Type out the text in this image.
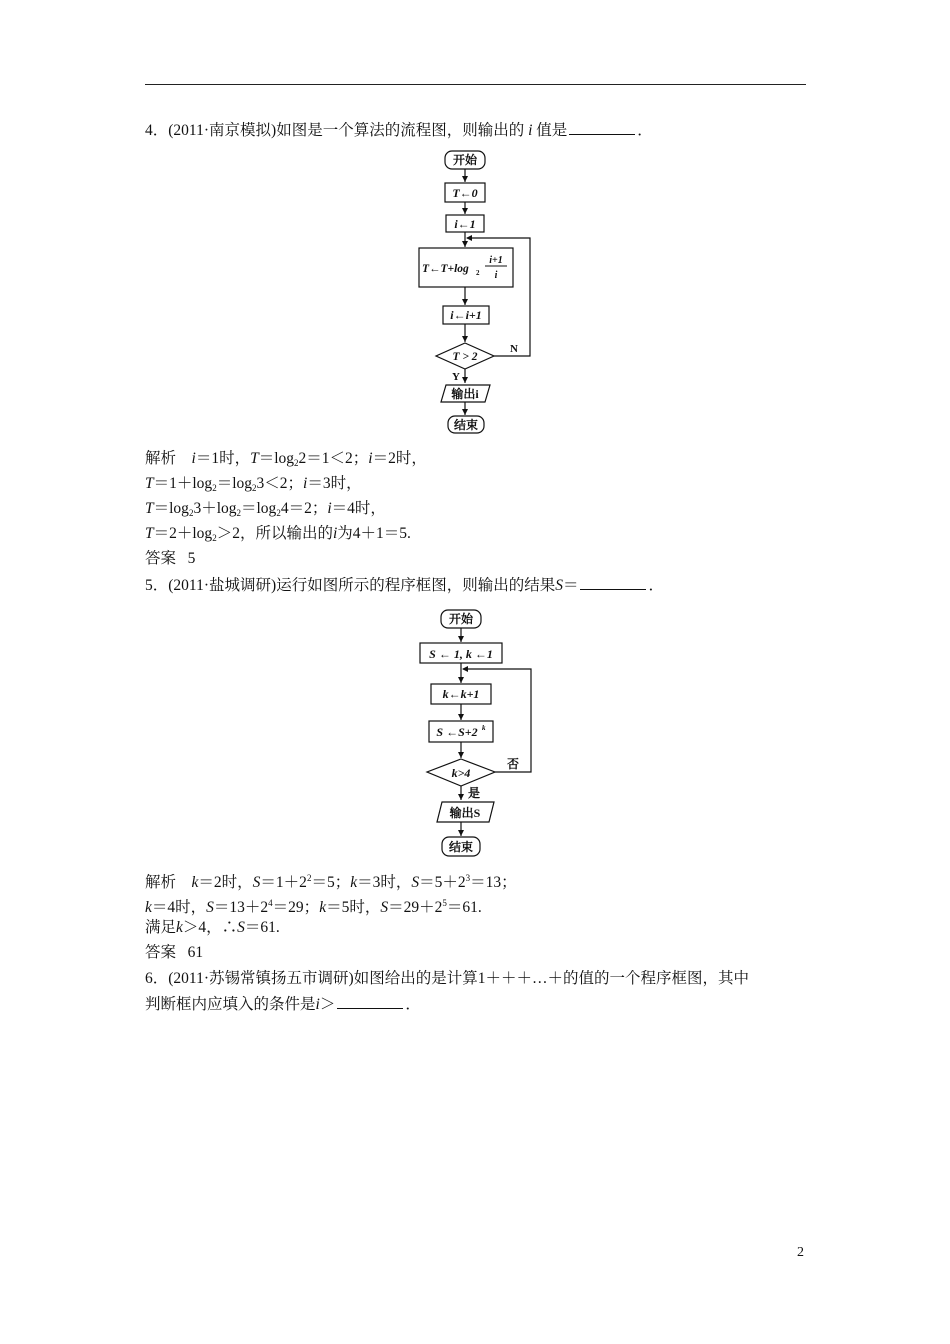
4．(2011·南京模拟)如图是一个算法的流程图，则输出的 i 值是	．
开始
T←0
i←1
T←T+log 2
i+1
i
i←i+1
T > 2
Y
N
输出i
结束
解析 i＝1时，$T=\log_22=1<2$；i＝2时，
$T=1+\log_2=\log_23<2$；i＝3时，
$T=\log_23+\log_2=\log_24=2$；i＝4时，
$T=2+\log_2>2$，所以输出的i为4＋1＝5.
答案 5
5．(2011·盐城调研)运行如图所示的程序框图，则输出的结果S＝	．
开始
S ← 1, k ←1
k←k+1
S ←S+2 k
k>4
是
否
输出S
结束
解析 k＝2时，$S=1+2^2=5$；k＝3时，$S=5+2^3=13$；
k＝4时，$S=13+2^4=29$；k＝5时，$S=29+2^5=61$.
满足k＞4，∴S＝61.
答案 61
6．(2011·苏锡常镇扬五市调研)如图给出的是计算1＋＋＋…＋的值的一个程序框图，其中
判断框内应填入的条件是i＞	．
2
